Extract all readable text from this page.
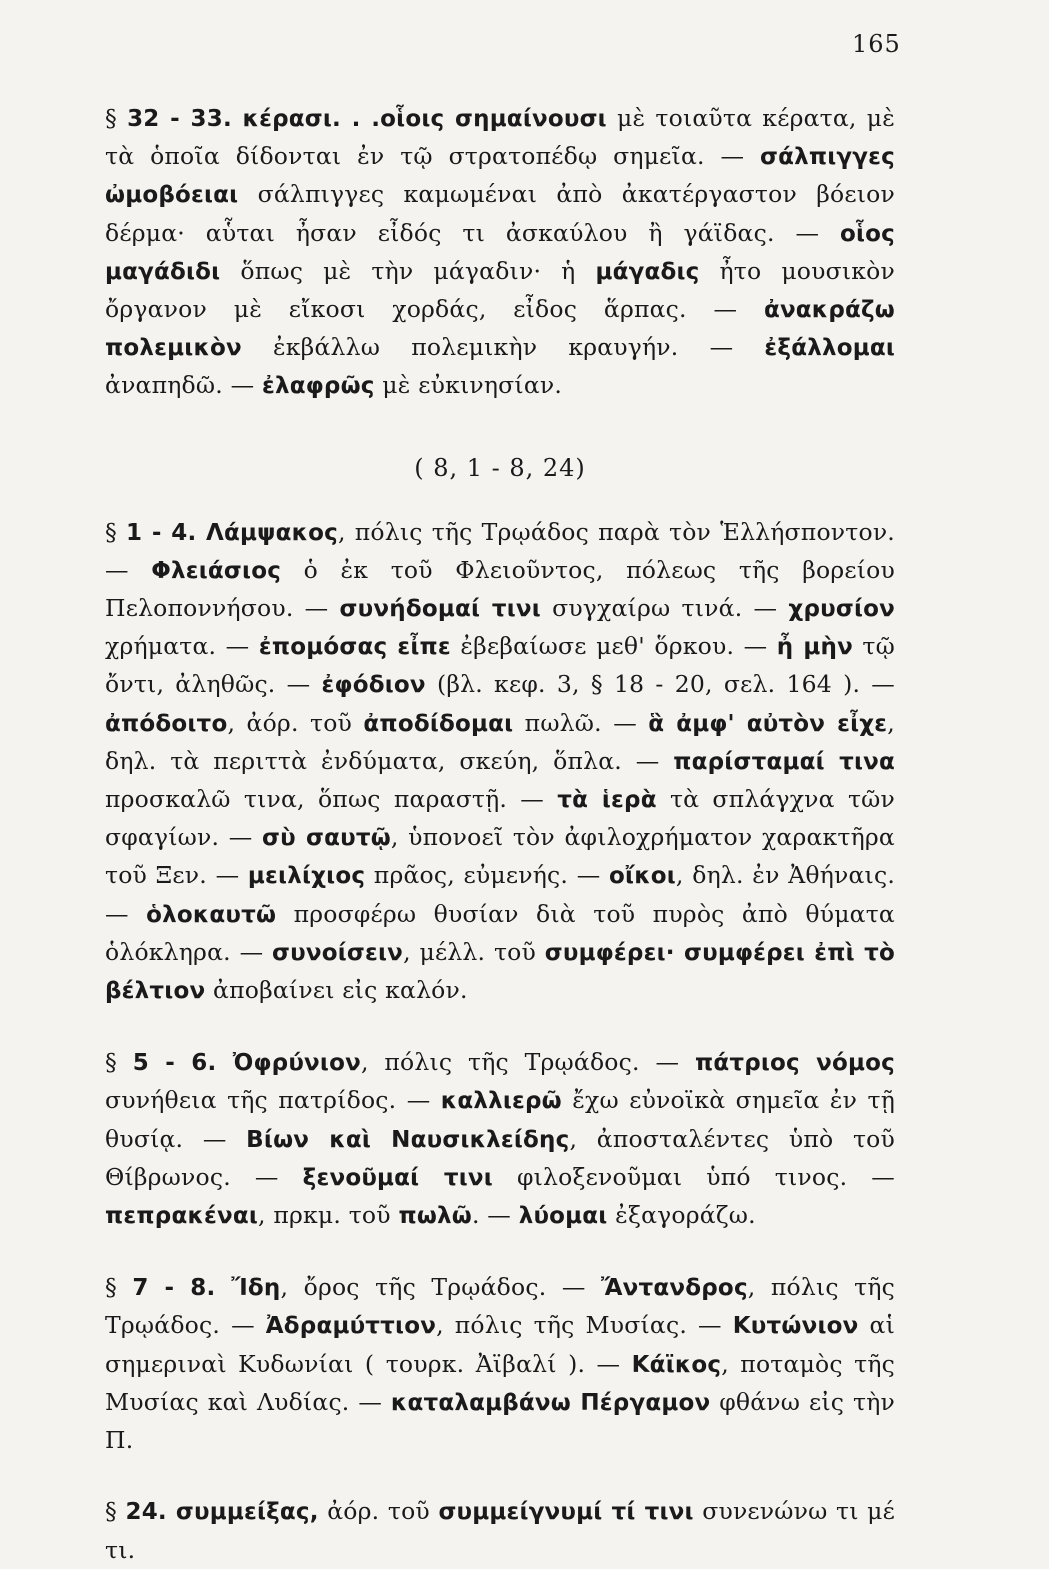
165

§ 32 - 33. κέρασι. . .οἷοις σημαίνουσι μὲ τοιαῦτα κέρατα, μὲ τὰ ὁποῖα δίδονται ἐν τῷ στρατοπέδῳ σημεῖα. — σάλπιγγες ὠμοβόειαι σάλπιγγες καμωμέναι ἀπὸ ἀκατέργαστον βόειον δέρμα· αὗται ἦσαν εἶδός τι ἀσκαύλου ἢ γάϊδας. — οἷος μαγάδιδι ὅπως μὲ τὴν μάγαδιν· ἡ μάγαδις ἦτο μουσικὸν ὄργανον μὲ εἴκοσι χορδάς, εἶδος ἅρπας. — ἀνακράζω πολεμικὸν ἐκβάλλω πολεμικὴν κραυγήν. — ἐξάλλομαι ἀναπηδῶ. — ἐλαφρῶς μὲ εὐκινησίαν.

( 8, 1 - 8, 24)

§ 1 - 4. Λάμψακος, πόλις τῆς Τρῳάδος παρὰ τὸν Ἑλλήσποντον. — Φλειάσιος ὁ ἐκ τοῦ Φλειοῦντος, πόλεως τῆς βορείου Πελοποννήσου. — συνήδομαί τινι συγχαίρω τινά. — χρυσίον χρήματα. — ἐπομόσας εἶπε ἐβεβαίωσε μεθ' ὅρκου. — ἦ μὴν τῷ ὄντι, ἀληθῶς. — ἐφόδιον (βλ. κεφ. 3, § 18 - 20, σελ. 164 ). — ἀπόδοιτο, ἀόρ. τοῦ ἀποδίδομαι πωλῶ. — ἃ ἀμφ' αὐτὸν εἶχε, δηλ. τὰ περιττὰ ἐνδύματα, σκεύη, ὅπλα. — παρίσταμαί τινα προσκαλῶ τινα, ὅπως παραστῇ. — τὰ ἱερὰ τὰ σπλάγχνα τῶν σφαγίων. — σὺ σαυτῷ, ὑπονοεῖ τὸν ἀφιλοχρήματον χαρακτῆρα τοῦ Ξεν. — μειλίχιος πρᾶος, εὐμενής. — οἴκοι, δηλ. ἐν Ἀθήναις. — ὁλοκαυτῶ προσφέρω θυσίαν διὰ τοῦ πυρὸς ἀπὸ θύματα ὁλόκληρα. — συνοίσειν, μέλλ. τοῦ συμφέρει· συμφέρει ἐπὶ τὸ βέλτιον ἀποβαίνει εἰς καλόν.

§ 5 - 6. Ὀφρύνιον, πόλις τῆς Τρῳάδος. — πάτριος νόμος συνήθεια τῆς πατρίδος. — καλλιερῶ ἔχω εὐνοϊκὰ σημεῖα ἐν τῇ θυσίᾳ. — Βίων καὶ Ναυσικλείδης, ἀποσταλέντες ὑπὸ τοῦ Θίβρωνος. — ξενοῦμαί τινι φιλοξενοῦμαι ὑπό τινος. — πεπρακέναι, πρκμ. τοῦ πωλῶ. — λύομαι ἐξαγοράζω.

§ 7 - 8. Ἴδη, ὄρος τῆς Τρῳάδος. — Ἄντανδρος, πόλις τῆς Τρῳάδος. — Ἀδραμύττιον, πόλις τῆς Μυσίας. — Κυτώνιον αἱ σημεριναὶ Κυδωνίαι ( τουρκ. Ἀϊβαλί ). — Κάϊκος, ποταμὸς τῆς Μυσίας καὶ Λυδίας. — καταλαμβάνω Πέργαμον φθάνω εἰς τὴν Π.

§ 24. συμμείξας, ἀόρ. τοῦ συμμείγνυμί τί τινι συνενώνω τι μέ τι.
